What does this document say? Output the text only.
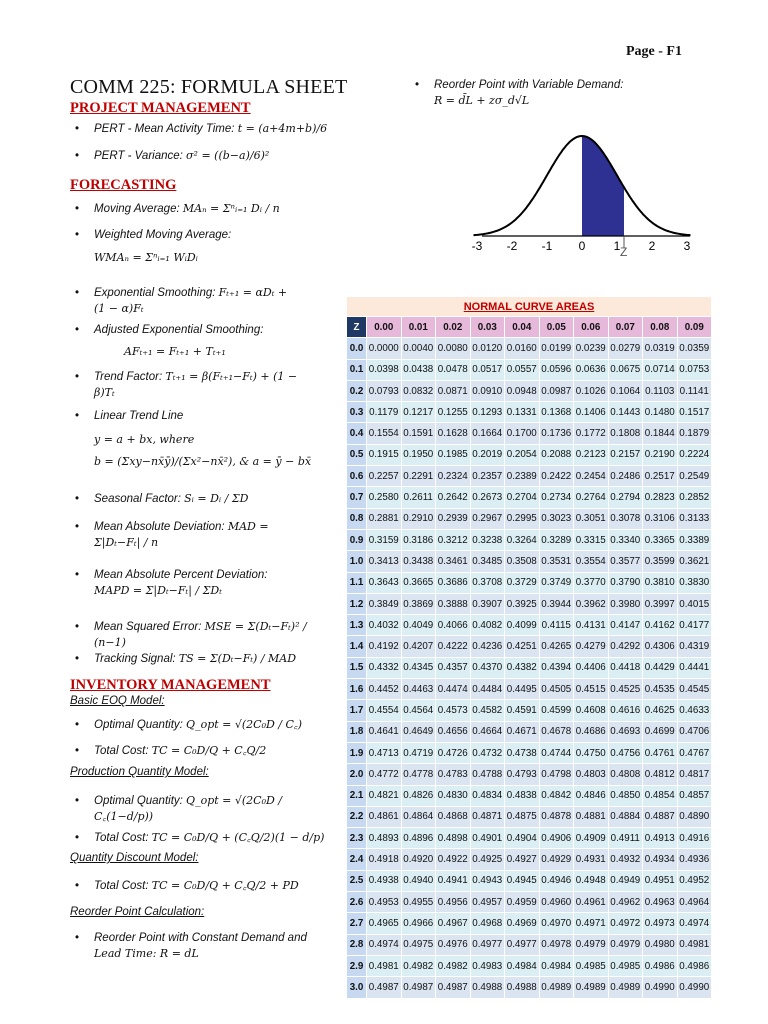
Page - F1
COMM 225: FORMULA SHEET
PROJECT MANAGEMENT
• PERT - Mean Activity Time: t = (a+4m+b)/6
• PERT - Variance: σ² = ((b−a)/6)²
FORECASTING
• Moving Average: MAₙ = Σⁿᵢ₌₁ Dᵢ / n
• Weighted Moving Average:
WMAₙ = Σⁿᵢ₌₁ WᵢDᵢ
• Exponential Smoothing: Fₜ₊₁ = αDₜ +
(1 − α)Fₜ
• Adjusted Exponential Smoothing:
AFₜ₊₁ = Fₜ₊₁ + Tₜ₊₁
• Trend Factor: Tₜ₊₁ = β(Fₜ₊₁−Fₜ) + (1 −
β)Tₜ
• Linear Trend Line
y = a + bx, where
b = (Σxy−nx̄ȳ)/(Σx²−nx̄²), & a = ȳ − bx̄
• Seasonal Factor: Sᵢ = Dᵢ / ΣD
• Mean Absolute Deviation: MAD =
Σ|Dₜ−Fₜ| / n
• Mean Absolute Percent Deviation:
MAPD = Σ|Dₜ−Fₜ| / ΣDₜ
• Mean Squared Error: MSE = Σ(Dₜ−Fₜ)² / (n−1)
• Tracking Signal: TS = Σ(Dₜ−Fₜ) / MAD
INVENTORY MANAGEMENT
Basic EOQ Model:
• Optimal Quantity: Q_opt = √(2C₀D / C꜀)
• Total Cost: TC = C₀D/Q + C꜀Q/2
Production Quantity Model:
• Optimal Quantity: Q_opt = √(2C₀D / C꜀(1−d/p))
• Total Cost: TC = C₀D/Q + (C꜀Q/2)(1 − d/p)
Quantity Discount Model:
• Total Cost: TC = C₀D/Q + C꜀Q/2 + PD
Reorder Point Calculation:
• Reorder Point with Constant Demand and
Lead Time: R = dL
• Reorder Point with Variable Demand:
R = d̄L + zσ_d√L
-3 -2 -1 0 1 2 3
Z
NORMAL CURVE AREAS										
Z	0.00	0.01	0.02	0.03	0.04	0.05	0.06	0.07	0.08	0.09
0.0	0.0000	0.0040	0.0080	0.0120	0.0160	0.0199	0.0239	0.0279	0.0319	0.0359
0.1	0.0398	0.0438	0.0478	0.0517	0.0557	0.0596	0.0636	0.0675	0.0714	0.0753
0.2	0.0793	0.0832	0.0871	0.0910	0.0948	0.0987	0.1026	0.1064	0.1103	0.1141
0.3	0.1179	0.1217	0.1255	0.1293	0.1331	0.1368	0.1406	0.1443	0.1480	0.1517
0.4	0.1554	0.1591	0.1628	0.1664	0.1700	0.1736	0.1772	0.1808	0.1844	0.1879
0.5	0.1915	0.1950	0.1985	0.2019	0.2054	0.2088	0.2123	0.2157	0.2190	0.2224
0.6	0.2257	0.2291	0.2324	0.2357	0.2389	0.2422	0.2454	0.2486	0.2517	0.2549
0.7	0.2580	0.2611	0.2642	0.2673	0.2704	0.2734	0.2764	0.2794	0.2823	0.2852
0.8	0.2881	0.2910	0.2939	0.2967	0.2995	0.3023	0.3051	0.3078	0.3106	0.3133
0.9	0.3159	0.3186	0.3212	0.3238	0.3264	0.3289	0.3315	0.3340	0.3365	0.3389
1.0	0.3413	0.3438	0.3461	0.3485	0.3508	0.3531	0.3554	0.3577	0.3599	0.3621
1.1	0.3643	0.3665	0.3686	0.3708	0.3729	0.3749	0.3770	0.3790	0.3810	0.3830
1.2	0.3849	0.3869	0.3888	0.3907	0.3925	0.3944	0.3962	0.3980	0.3997	0.4015
1.3	0.4032	0.4049	0.4066	0.4082	0.4099	0.4115	0.4131	0.4147	0.4162	0.4177
1.4	0.4192	0.4207	0.4222	0.4236	0.4251	0.4265	0.4279	0.4292	0.4306	0.4319
1.5	0.4332	0.4345	0.4357	0.4370	0.4382	0.4394	0.4406	0.4418	0.4429	0.4441
1.6	0.4452	0.4463	0.4474	0.4484	0.4495	0.4505	0.4515	0.4525	0.4535	0.4545
1.7	0.4554	0.4564	0.4573	0.4582	0.4591	0.4599	0.4608	0.4616	0.4625	0.4633
1.8	0.4641	0.4649	0.4656	0.4664	0.4671	0.4678	0.4686	0.4693	0.4699	0.4706
1.9	0.4713	0.4719	0.4726	0.4732	0.4738	0.4744	0.4750	0.4756	0.4761	0.4767
2.0	0.4772	0.4778	0.4783	0.4788	0.4793	0.4798	0.4803	0.4808	0.4812	0.4817
2.1	0.4821	0.4826	0.4830	0.4834	0.4838	0.4842	0.4846	0.4850	0.4854	0.4857
2.2	0.4861	0.4864	0.4868	0.4871	0.4875	0.4878	0.4881	0.4884	0.4887	0.4890
2.3	0.4893	0.4896	0.4898	0.4901	0.4904	0.4906	0.4909	0.4911	0.4913	0.4916
2.4	0.4918	0.4920	0.4922	0.4925	0.4927	0.4929	0.4931	0.4932	0.4934	0.4936
2.5	0.4938	0.4940	0.4941	0.4943	0.4945	0.4946	0.4948	0.4949	0.4951	0.4952
2.6	0.4953	0.4955	0.4956	0.4957	0.4959	0.4960	0.4961	0.4962	0.4963	0.4964
2.7	0.4965	0.4966	0.4967	0.4968	0.4969	0.4970	0.4971	0.4972	0.4973	0.4974
2.8	0.4974	0.4975	0.4976	0.4977	0.4977	0.4978	0.4979	0.4979	0.4980	0.4981
2.9	0.4981	0.4982	0.4982	0.4983	0.4984	0.4984	0.4985	0.4985	0.4986	0.4986
3.0	0.4987	0.4987	0.4987	0.4988	0.4988	0.4989	0.4989	0.4989	0.4990	0.4990
